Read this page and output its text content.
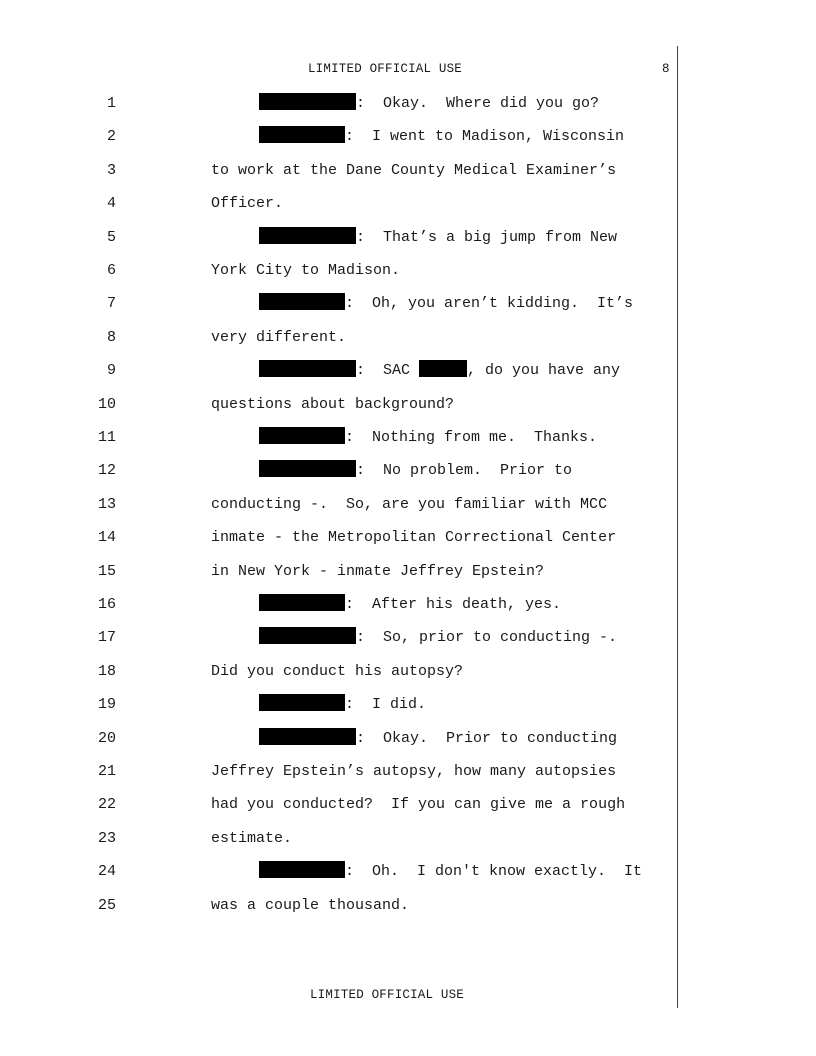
LIMITED OFFICIAL USE	8
1	:  Okay.  Where did you go?
2	:  I went to Madison, Wisconsin
3	to work at the Dane County Medical Examiner’s
4	Officer.
5	:  That’s a big jump from New
6	York City to Madison.
7	:  Oh, you aren’t kidding.  It’s
8	very different.
9	:  SAC	, do you have any
10	questions about background?
11	:  Nothing from me.  Thanks.
12	:  No problem.  Prior to
13	conducting -.  So, are you familiar with MCC
14	inmate - the Metropolitan Correctional Center
15	in New York - inmate Jeffrey Epstein?
16	:  After his death, yes.
17	:  So, prior to conducting -.
18	Did you conduct his autopsy?
19	:  I did.
20	:  Okay.  Prior to conducting
21	Jeffrey Epstein’s autopsy, how many autopsies
22	had you conducted?  If you can give me a rough
23	estimate.
24	:  Oh.  I don't know exactly.  It
25	was a couple thousand.
LIMITED OFFICIAL USE
